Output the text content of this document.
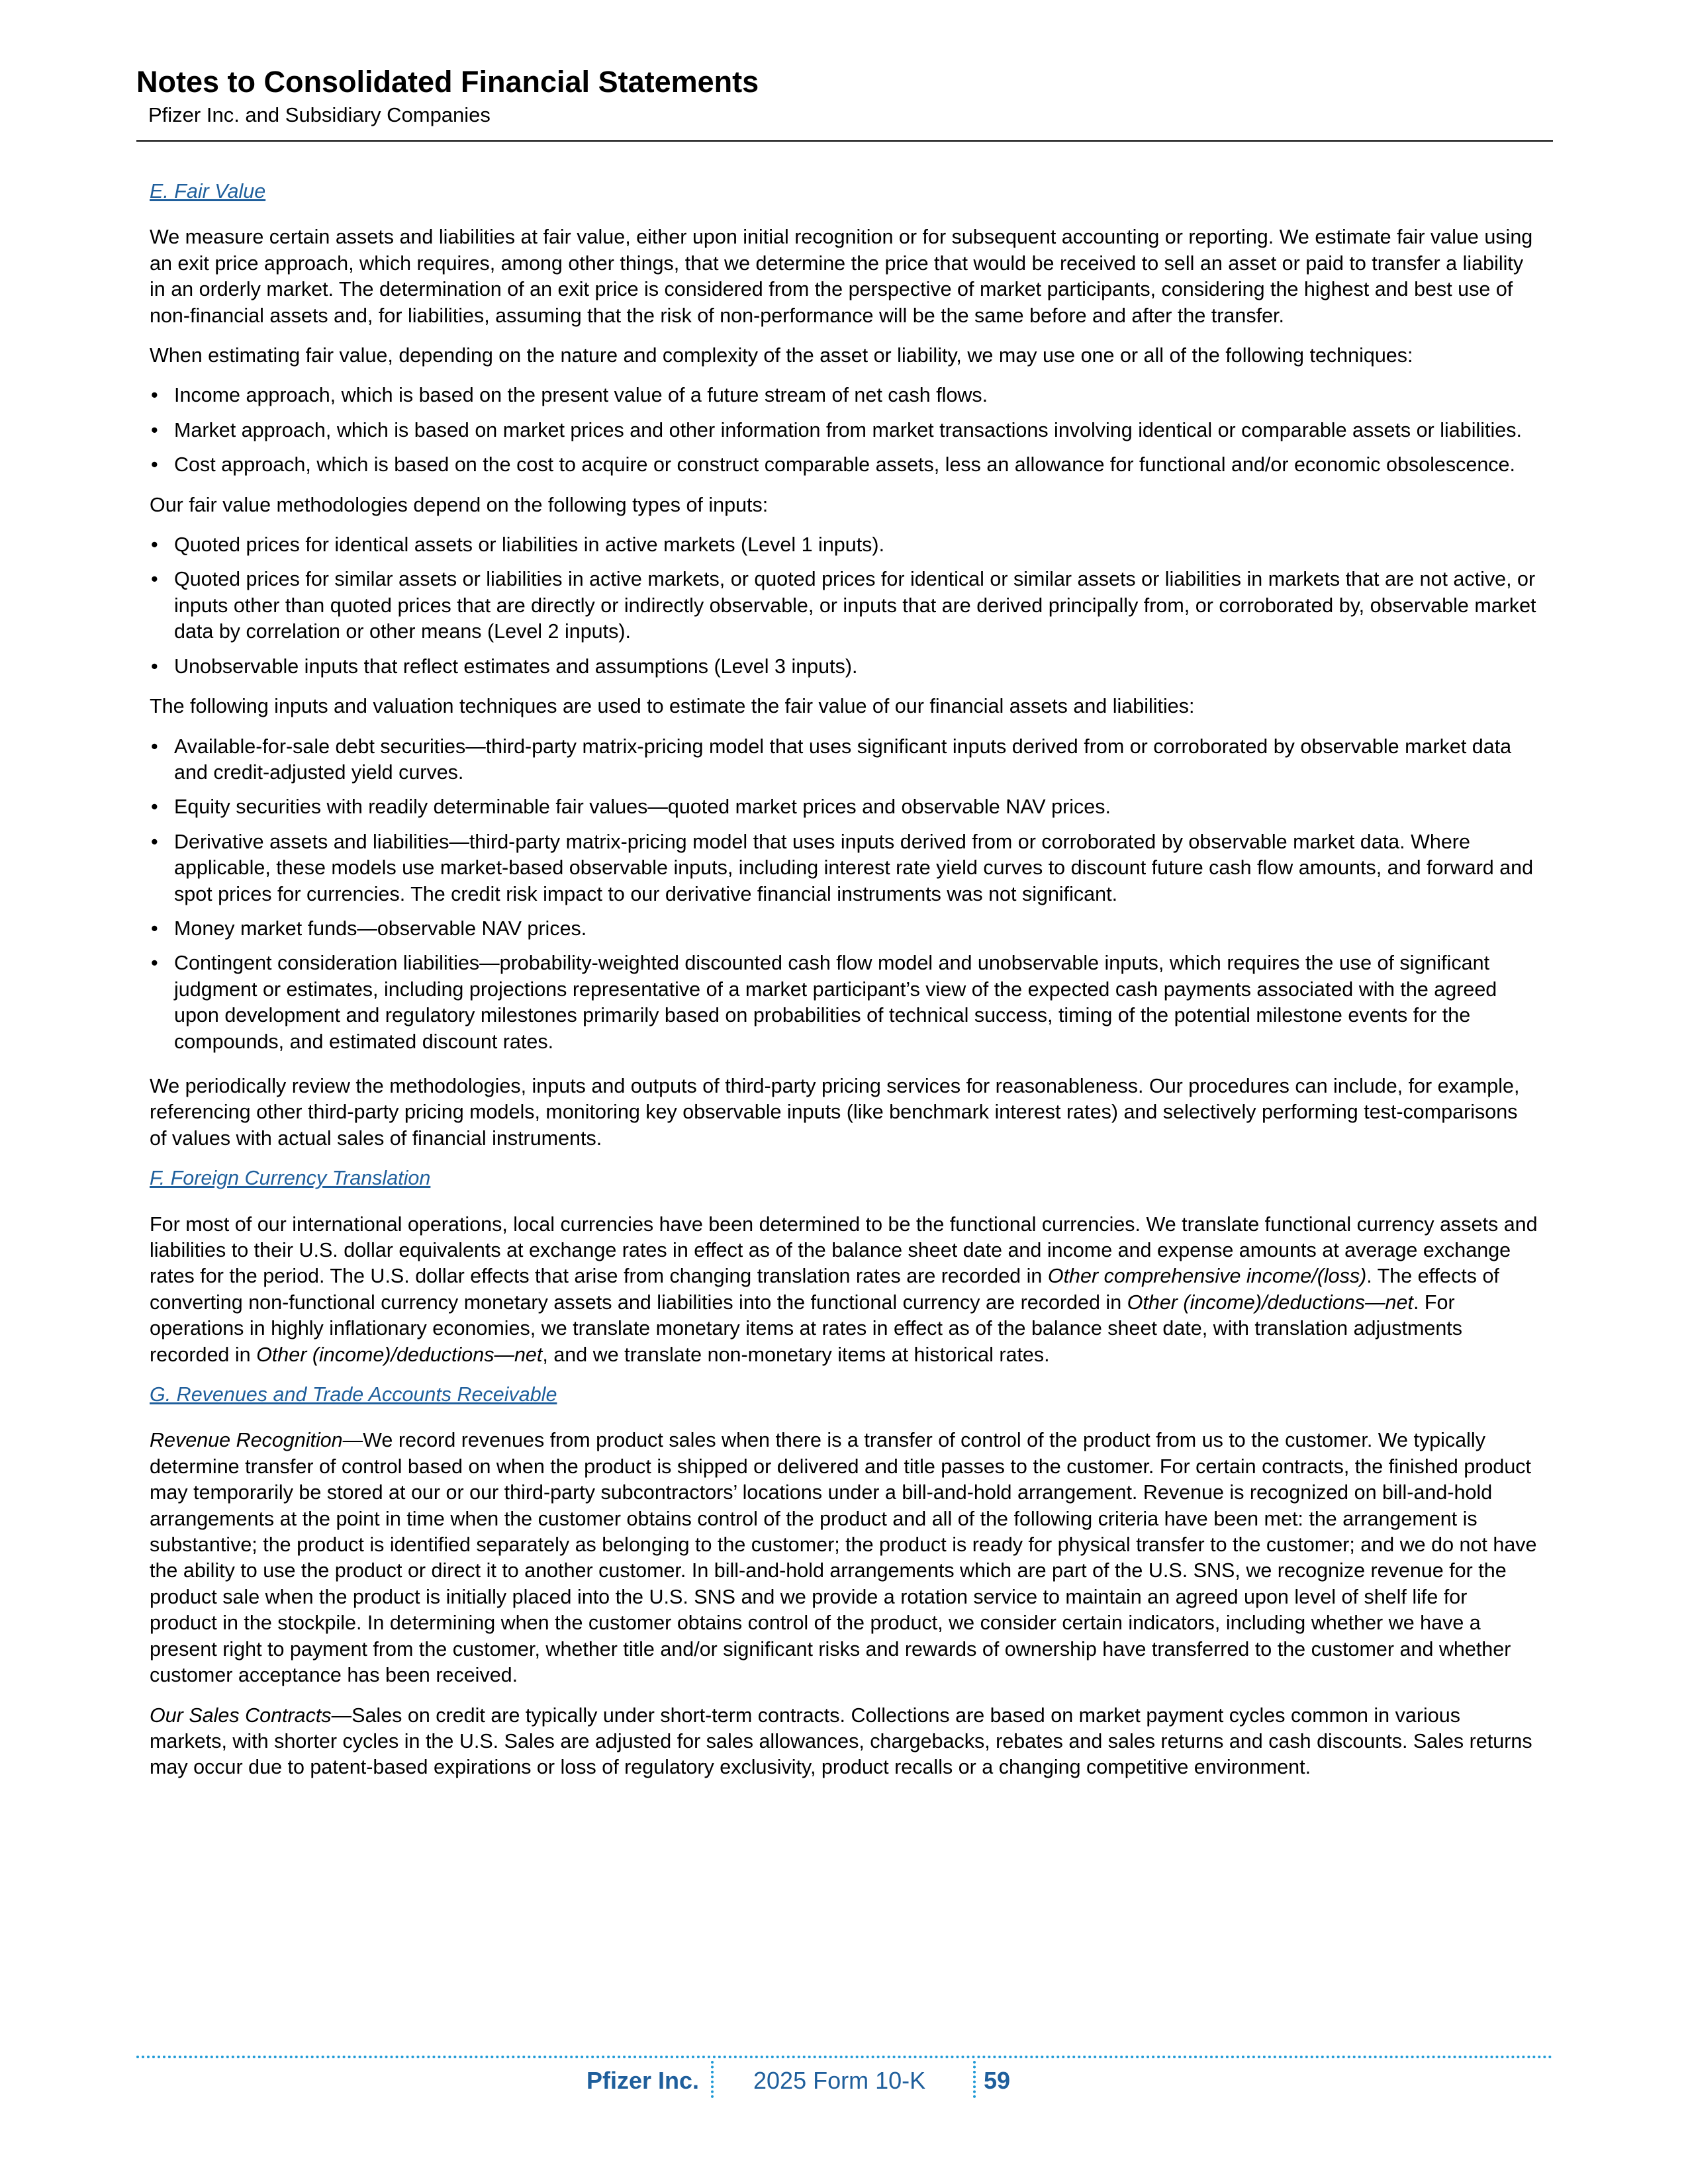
Notes to Consolidated Financial Statements
Pfizer Inc. and Subsidiary Companies
E. Fair Value

We measure certain assets and liabilities at fair value, either upon initial recognition or for subsequent accounting or reporting. We estimate fair value using an exit price approach, which requires, among other things, that we determine the price that would be received to sell an asset or paid to transfer a liability in an orderly market. The determination of an exit price is considered from the perspective of market participants, considering the highest and best use of non-financial assets and, for liabilities, assuming that the risk of non-performance will be the same before and after the transfer.

When estimating fair value, depending on the nature and complexity of the asset or liability, we may use one or all of the following techniques:

• Income approach, which is based on the present value of a future stream of net cash flows.
• Market approach, which is based on market prices and other information from market transactions involving identical or comparable assets or liabilities.
• Cost approach, which is based on the cost to acquire or construct comparable assets, less an allowance for functional and/or economic obsolescence.

Our fair value methodologies depend on the following types of inputs:

• Quoted prices for identical assets or liabilities in active markets (Level 1 inputs).
• Quoted prices for similar assets or liabilities in active markets, or quoted prices for identical or similar assets or liabilities in markets that are not active, or inputs other than quoted prices that are directly or indirectly observable, or inputs that are derived principally from, or corroborated by, observable market data by correlation or other means (Level 2 inputs).
• Unobservable inputs that reflect estimates and assumptions (Level 3 inputs).

The following inputs and valuation techniques are used to estimate the fair value of our financial assets and liabilities:

• Available-for-sale debt securities—third-party matrix-pricing model that uses significant inputs derived from or corroborated by observable market data and credit-adjusted yield curves.
• Equity securities with readily determinable fair values—quoted market prices and observable NAV prices.
• Derivative assets and liabilities—third-party matrix-pricing model that uses inputs derived from or corroborated by observable market data. Where applicable, these models use market-based observable inputs, including interest rate yield curves to discount future cash flow amounts, and forward and spot prices for currencies. The credit risk impact to our derivative financial instruments was not significant.
• Money market funds—observable NAV prices.
• Contingent consideration liabilities—probability-weighted discounted cash flow model and unobservable inputs, which requires the use of significant judgment or estimates, including projections representative of a market participant’s view of the expected cash payments associated with the agreed upon development and regulatory milestones primarily based on probabilities of technical success, timing of the potential milestone events for the compounds, and estimated discount rates.

We periodically review the methodologies, inputs and outputs of third-party pricing services for reasonableness. Our procedures can include, for example, referencing other third-party pricing models, monitoring key observable inputs (like benchmark interest rates) and selectively performing test-comparisons of values with actual sales of financial instruments.

F. Foreign Currency Translation

For most of our international operations, local currencies have been determined to be the functional currencies. We translate functional currency assets and liabilities to their U.S. dollar equivalents at exchange rates in effect as of the balance sheet date and income and expense amounts at average exchange rates for the period. The U.S. dollar effects that arise from changing translation rates are recorded in Other comprehensive income/(loss). The effects of converting non-functional currency monetary assets and liabilities into the functional currency are recorded in Other (income)/deductions—net. For operations in highly inflationary economies, we translate monetary items at rates in effect as of the balance sheet date, with translation adjustments recorded in Other (income)/deductions—net, and we translate non-monetary items at historical rates.

G. Revenues and Trade Accounts Receivable

Revenue Recognition—We record revenues from product sales when there is a transfer of control of the product from us to the customer. We typically determine transfer of control based on when the product is shipped or delivered and title passes to the customer. For certain contracts, the finished product may temporarily be stored at our or our third-party subcontractors’ locations under a bill-and-hold arrangement. Revenue is recognized on bill-and-hold arrangements at the point in time when the customer obtains control of the product and all of the following criteria have been met: the arrangement is substantive; the product is identified separately as belonging to the customer; the product is ready for physical transfer to the customer; and we do not have the ability to use the product or direct it to another customer. In bill-and-hold arrangements which are part of the U.S. SNS, we recognize revenue for the product sale when the product is initially placed into the U.S. SNS and we provide a rotation service to maintain an agreed upon level of shelf life for product in the stockpile. In determining when the customer obtains control of the product, we consider certain indicators, including whether we have a present right to payment from the customer, whether title and/or significant risks and rewards of ownership have transferred to the customer and whether customer acceptance has been received.

Our Sales Contracts—Sales on credit are typically under short-term contracts. Collections are based on market payment cycles common in various markets, with shorter cycles in the U.S. Sales are adjusted for sales allowances, chargebacks, rebates and sales returns and cash discounts. Sales returns may occur due to patent-based expirations or loss of regulatory exclusivity, product recalls or a changing competitive environment.

Pfizer Inc. 2025 Form 10-K 59
